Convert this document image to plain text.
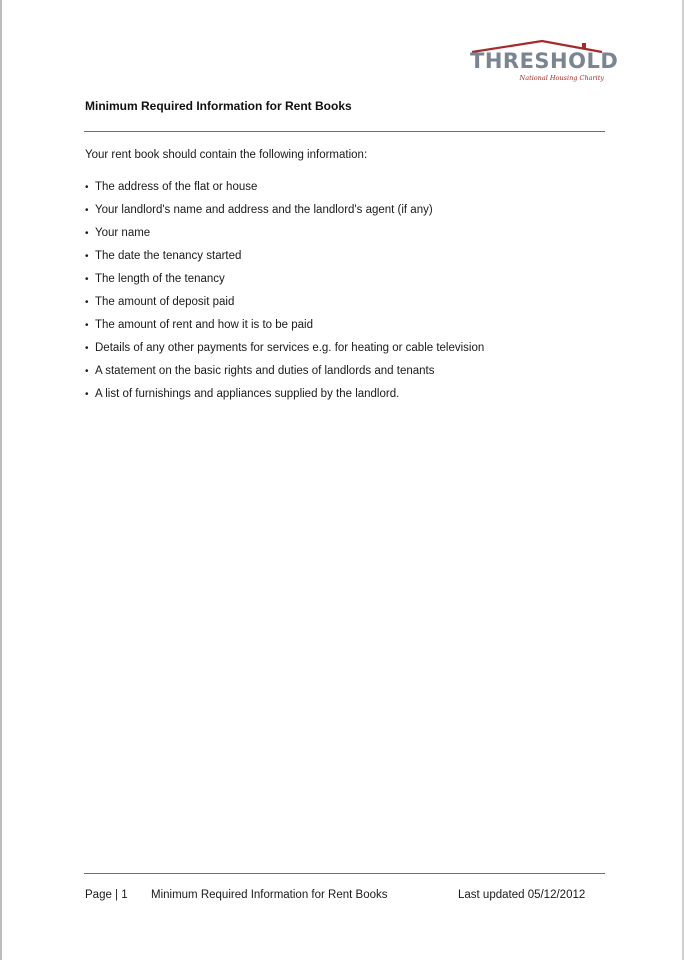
THRESHOLD
National Housing Charity
Minimum Required Information for Rent Books
Your rent book should contain the following information:
• The address of the flat or house
• Your landlord's name and address and the landlord's agent (if any)
• Your name
• The date the tenancy started
• The length of the tenancy
• The amount of deposit paid
• The amount of rent and how it is to be paid
• Details of any other payments for services e.g. for heating or cable television
• A statement on the basic rights and duties of landlords and tenants
• A list of furnishings and appliances supplied by the landlord.
Page | 1 Minimum Required Information for Rent Books	Last updated 05/12/2012
